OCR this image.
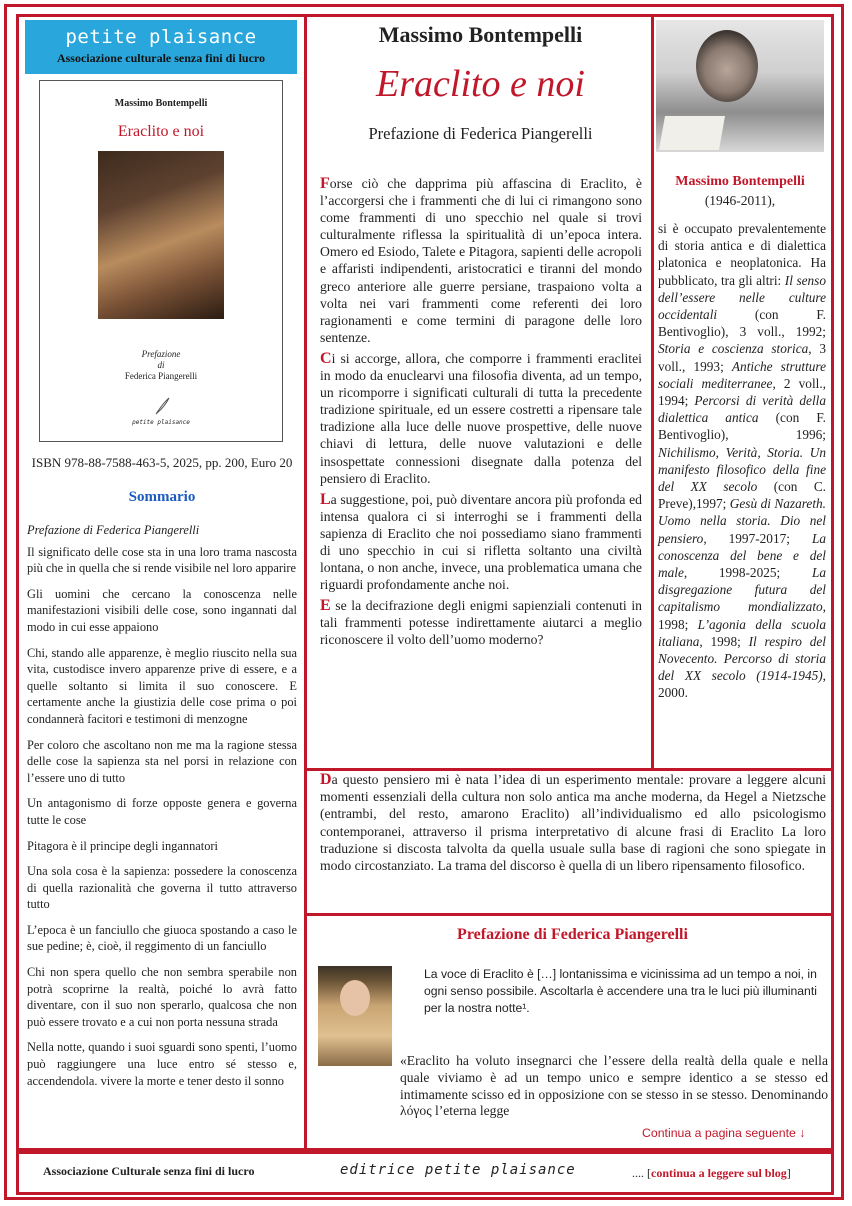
petite plaisance
Associazione culturale senza fini di lucro
Massimo Bontempelli
Eraclito e noi
Prefazione
di
Federica Piangerelli
petite plaisance
ISBN 978-88-7588-463-5, 2025, pp. 200, Euro 20
Sommario
Prefazione di Federica Piangerelli
Il significato delle cose sta in una loro trama nascosta più che in quella che si rende visibile nel loro apparire
Gli uomini che cercano la conoscenza nelle manifestazioni visibili delle cose, sono ingannati dal modo in cui esse appaiono
Chi, stando alle apparenze, è meglio riuscito nella sua vita, custodisce invero apparenze prive di essere, e a quelle soltanto si limita il suo conoscere. E certamente anche la giustizia delle cose prima o poi condannerà facitori e testimoni di menzogne
Per coloro che ascoltano non me ma la ragione stessa delle cose la sapienza sta nel porsi in relazione con l’essere uno di tutto
Un antagonismo di forze opposte genera e governa tutte le cose
Pitagora è il principe degli ingannatori
Una sola cosa è la sapienza: possedere la conoscenza di quella razionalità che governa il tutto attraverso tutto
L’epoca è un fanciullo che giuoca spostando a caso le sue pedine; è, cioè, il reggimento di un fanciullo
Chi non spera quello che non sembra sperabile non potrà scoprirne la realtà, poiché lo avrà fatto diventare, con il suo non sperarlo, qualcosa che non può essere trovato e a cui non porta nessuna strada
Nella notte, quando i suoi sguardi sono spenti, l’uomo può raggiungere una luce entro sé stesso e, accendendola. vivere la morte e tener desto il sonno
Massimo Bontempelli
Eraclito e noi
Prefazione di Federica Piangerelli

Forse ciò che dapprima più affascina di Eraclito, è l’accorgersi che i frammenti che di lui ci rimangono sono come frammenti di uno specchio nel quale si trovi culturalmente riflessa la spiritualità di un’epoca intera. Omero ed Esiodo, Talete e Pitagora, sapienti delle acropoli e affaristi indipendenti, aristocratici e tiranni del mondo greco anteriore alle guerre persiane, traspaiono volta a volta nei vari frammenti come referenti dei loro ragionamenti e come termini di paragone delle loro sentenze.

Ci si accorge, allora, che comporre i frammenti eraclitei in modo da enuclearvi una filosofia diventa, ad un tempo, un ricomporre i significati culturali di tutta la precedente tradizione spirituale, ed un essere costretti a ripensare tale tradizione alla luce delle nuove prospettive, delle nuove chiavi di lettura, delle nuove valutazioni e delle insospettate connessioni disegnate dalla potenza del pensiero di Eraclito.

La suggestione, poi, può diventare ancora più profonda ed intensa qualora ci si interroghi se i frammenti della sapienza di Eraclito che noi possediamo siano frammenti di uno specchio in cui si rifletta soltanto una civiltà lontana, o non anche, invece, una problematica umana che riguardi profondamente anche noi.

E se la decifrazione degli enigmi sapienziali contenuti in tali frammenti potesse indirettamente aiutarci a meglio riconoscere il volto dell’uomo moderno?

Da questo pensiero mi è nata l’idea di un esperimento mentale: provare a leggere alcuni momenti essenziali della cultura non solo antica ma anche moderna, da Hegel a Nietzsche (entrambi, del resto, amarono Eraclito) all’individualismo ed allo psicologismo contemporanei, attraverso il prisma interpretativo di alcune frasi di Eraclito La loro traduzione si discosta talvolta da quella usuale sulla base di ragioni che sono spiegate in modo circostanziato. La trama del discorso è quella di un libero ripensamento filosofico.
Massimo Bontempelli
(1946-2011),
si è occupato prevalentemente di storia antica e di dialettica platonica e neoplatonica. Ha pubblicato, tra gli altri: Il senso dell’essere nelle culture occidentali (con F. Bentivoglio), 3 voll., 1992; Storia e coscienza storica, 3 voll., 1993; Antiche strutture sociali mediterranee, 2 voll., 1994; Percorsi di verità della dialettica antica (con F. Bentivoglio), 1996; Nichilismo, Verità, Storia. Un manifesto filosofico della fine del XX secolo (con C. Preve),1997; Gesù di Nazareth. Uomo nella storia. Dio nel pensiero, 1997-2017; La conoscenza del bene e del male, 1998-2025; La disgregazione futura del capitalismo mondializzato, 1998; L’agonia della scuola italiana, 1998; Il respiro del Novecento. Percorso di storia del XX secolo (1914-1945), 2000.
Prefazione di Federica Piangerelli
La voce di Eraclito è […] lontanissima e vicinissima ad un tempo a noi, in ogni senso possibile. Ascoltarla è accendere una tra le luci più illuminanti per la nostra notte¹.
«Eraclito ha voluto insegnarci che l’essere della realtà della quale e nella quale viviamo è ad un tempo unico e sempre identico a se stesso ed intimamente scisso ed in opposizione con se stesso in se stesso. Denominando λόγος l’eterna legge
Continua a pagina seguente ↓
Associazione Culturale senza fini di lucro	editrice petite plaisance	.... [continua a leggere sul blog]
